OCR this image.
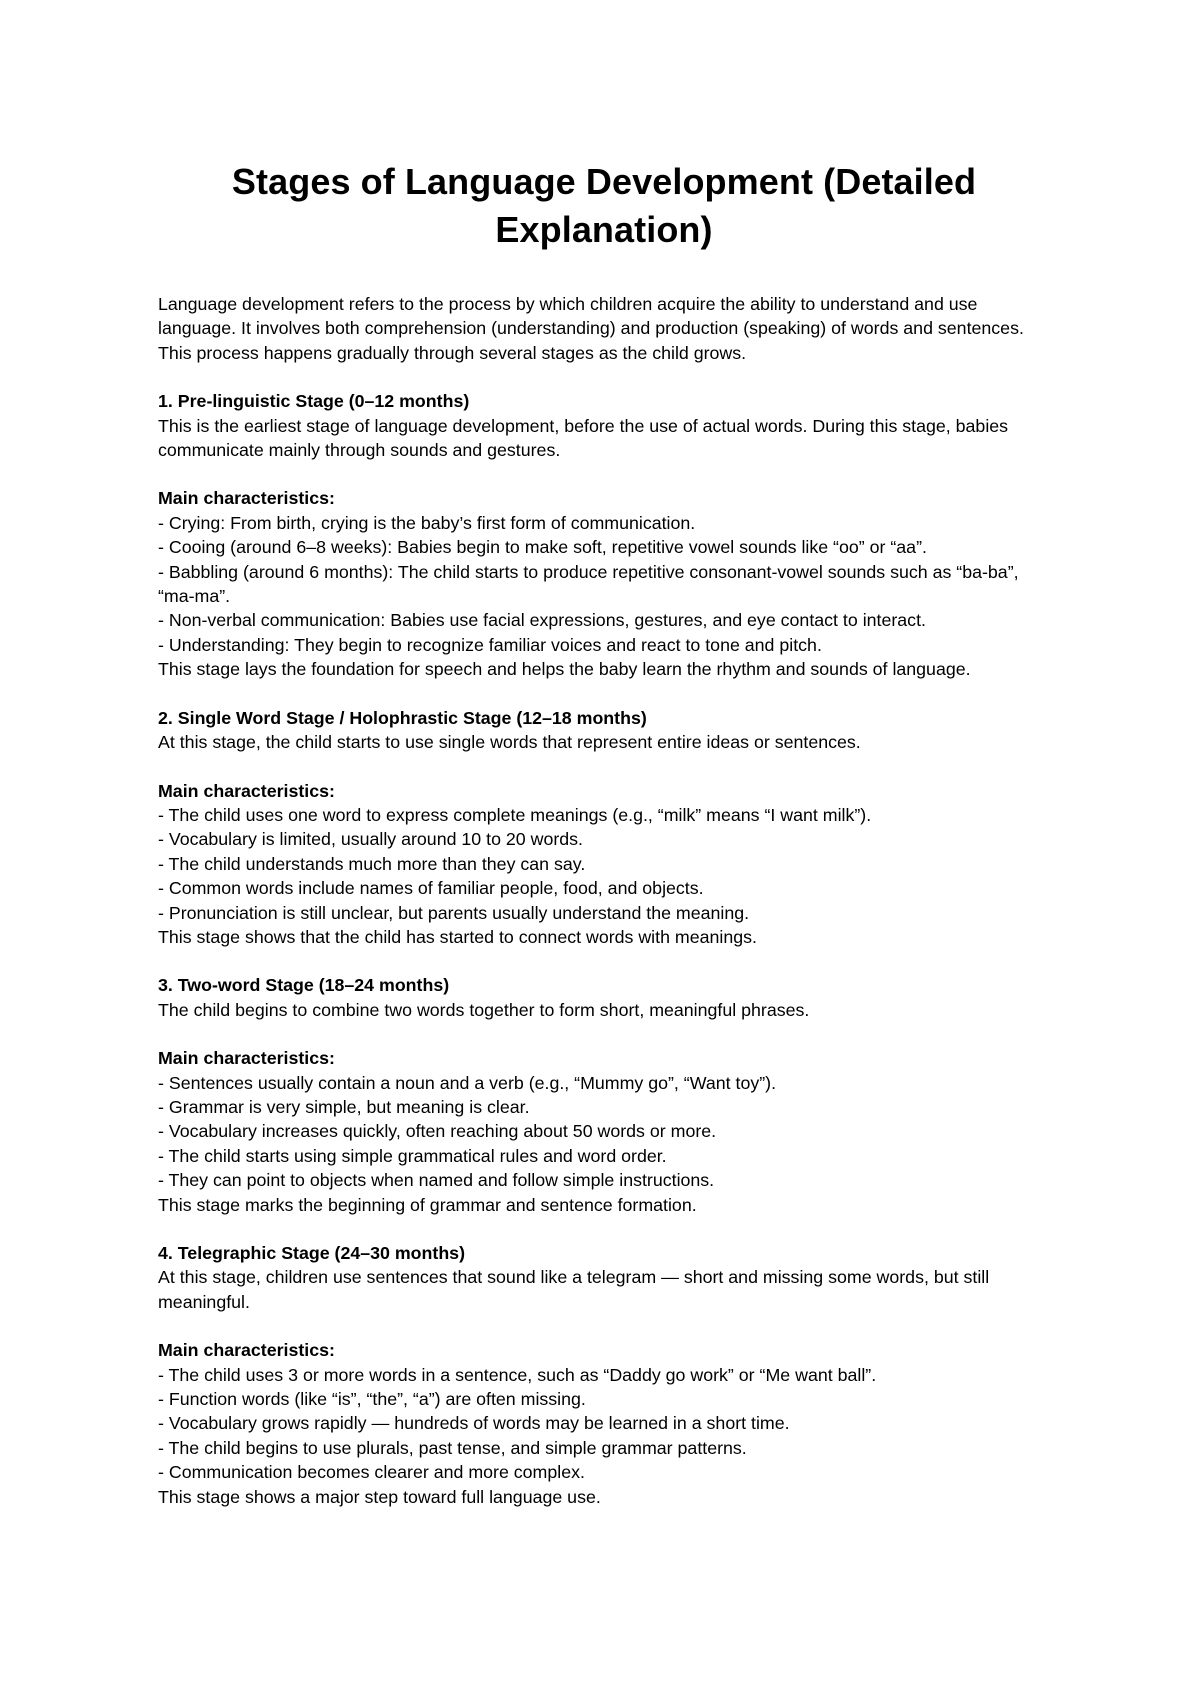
Stages of Language Development (Detailed
Explanation)

Language development refers to the process by which children acquire the ability to understand and use language. It involves both comprehension (understanding) and production (speaking) of words and sentences. This process happens gradually through several stages as the child grows.

1. Pre-linguistic Stage (0–12 months)

This is the earliest stage of language development, before the use of actual words. During this stage, babies communicate mainly through sounds and gestures.

Main characteristics:
- Crying: From birth, crying is the baby’s first form of communication.
- Cooing (around 6–8 weeks): Babies begin to make soft, repetitive vowel sounds like “oo” or “aa”.
- Babbling (around 6 months): The child starts to produce repetitive consonant-vowel sounds such as “ba-ba”, “ma-ma”.
- Non-verbal communication: Babies use facial expressions, gestures, and eye contact to interact.
- Understanding: They begin to recognize familiar voices and react to tone and pitch.

This stage lays the foundation for speech and helps the baby learn the rhythm and sounds of language.

2. Single Word Stage / Holophrastic Stage (12–18 months)

At this stage, the child starts to use single words that represent entire ideas or sentences.

Main characteristics:
- The child uses one word to express complete meanings (e.g., “milk” means “I want milk”).
- Vocabulary is limited, usually around 10 to 20 words.
- The child understands much more than they can say.
- Common words include names of familiar people, food, and objects.
- Pronunciation is still unclear, but parents usually understand the meaning.

This stage shows that the child has started to connect words with meanings.

3. Two-word Stage (18–24 months)

The child begins to combine two words together to form short, meaningful phrases.

Main characteristics:
- Sentences usually contain a noun and a verb (e.g., “Mummy go”, “Want toy”).
- Grammar is very simple, but meaning is clear.
- Vocabulary increases quickly, often reaching about 50 words or more.
- The child starts using simple grammatical rules and word order.
- They can point to objects when named and follow simple instructions.

This stage marks the beginning of grammar and sentence formation.

4. Telegraphic Stage (24–30 months)

At this stage, children use sentences that sound like a telegram — short and missing some words, but still meaningful.

Main characteristics:
- The child uses 3 or more words in a sentence, such as “Daddy go work” or “Me want ball”.
- Function words (like “is”, “the”, “a”) are often missing.
- Vocabulary grows rapidly — hundreds of words may be learned in a short time.
- The child begins to use plurals, past tense, and simple grammar patterns.
- Communication becomes clearer and more complex.

This stage shows a major step toward full language use.
